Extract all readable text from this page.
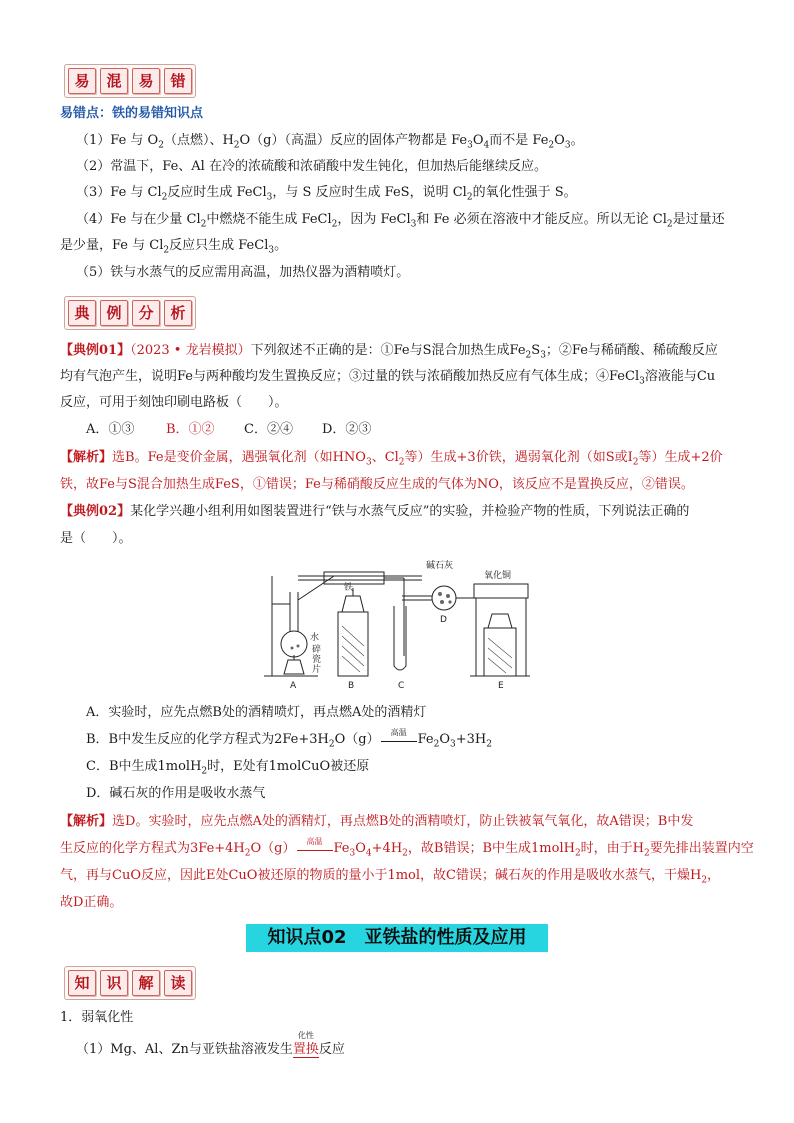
易	混	易	错
易错点：铁的易错知识点
（1）Fe 与 $O_2$（点燃）、$H_2O(g)$（高温）反应的固体产物都是 $Fe_3O_4$而不是 $Fe_2O_3$。
（2）常温下，Fe、Al 在冷的浓硫酸和浓硝酸中发生钝化，但加热后能继续反应。
（3）Fe 与 $Cl_2$反应时生成 FeCl$_3$，与 S 反应时生成 FeS，说明 $Cl_2$的氧化性强于 S。
（4）Fe 与在少量 $Cl_2$中燃烧不能生成 FeCl$_2$，因为 FeCl$_3$和 Fe 必须在溶液中才能反应。所以无论 $Cl_2$是过量还
是少量，Fe 与 $Cl_2$反应只生成 FeCl$_3$。
（5）铁与水蒸气的反应需用高温，加热仪器为酒精喷灯。
典	例	分	析
【典例01】（2023 • 龙岩模拟）下列叙述不正确的是：①Fe与S混合加热生成$Fe_2S_3$；②Fe与稀硝酸、稀硫酸反应
均有气泡产生，说明Fe与两种酸均发生置换反应；③过量的铁与浓硝酸加热反应有气体生成；④FeCl$_3$溶液能与Cu
反应，可用于刻蚀印刷电路板（　　）。
A．①③ B．①② C．②④ D．②③
【解析】选B。Fe是变价金属，遇强氧化剂（如$HNO_3$、$Cl_2$等）生成+3价铁，遇弱氧化剂（如S或$I_2$等）生成+2价
铁，故Fe与S混合加热生成FeS，①错误；Fe与稀硝酸反应生成的气体为NO，该反应不是置换反应，②错误。
【典例02】某化学兴趣小组利用如图装置进行“铁与水蒸气反应”的实验，并检验产物的性质，下列说法正确的
是（　　）。
碱石灰
氧化铜
水
碎
瓷
片
铁
A	B	C
D
E
A．实验时，应先点燃B处的酒精喷灯，再点燃A处的酒精灯
B．B中发生反应的化学方程式为$2Fe+3H_2O(g)$	高温 $Fe_2O_3+3H_2$
C．B中生成1molH$_2$时，E处有1molCuO被还原
D．碱石灰的作用是吸收水蒸气
【解析】选D。实验时，应先点燃A处的酒精灯，再点燃B处的酒精喷灯，防止铁被氧气氧化，故A错误；B中发
生反应的化学方程式为$3Fe+4H_2O(g)$	高温 $Fe_3O_4+4H_2$，故B错误；B中生成1molH$_2$时，由于$H_2$要先排出装置内空
气，再与CuO反应，因此E处CuO被还原的物质的量小于1mol，故C错误；碱石灰的作用是吸收水蒸气，干燥$H_2$，
故D正确。
知识点02　亚铁盐的性质及应用
知	识	解	读
1．弱氧化性
（1）Mg、Al、Zn与亚铁盐溶液发生
化性
置换反应
